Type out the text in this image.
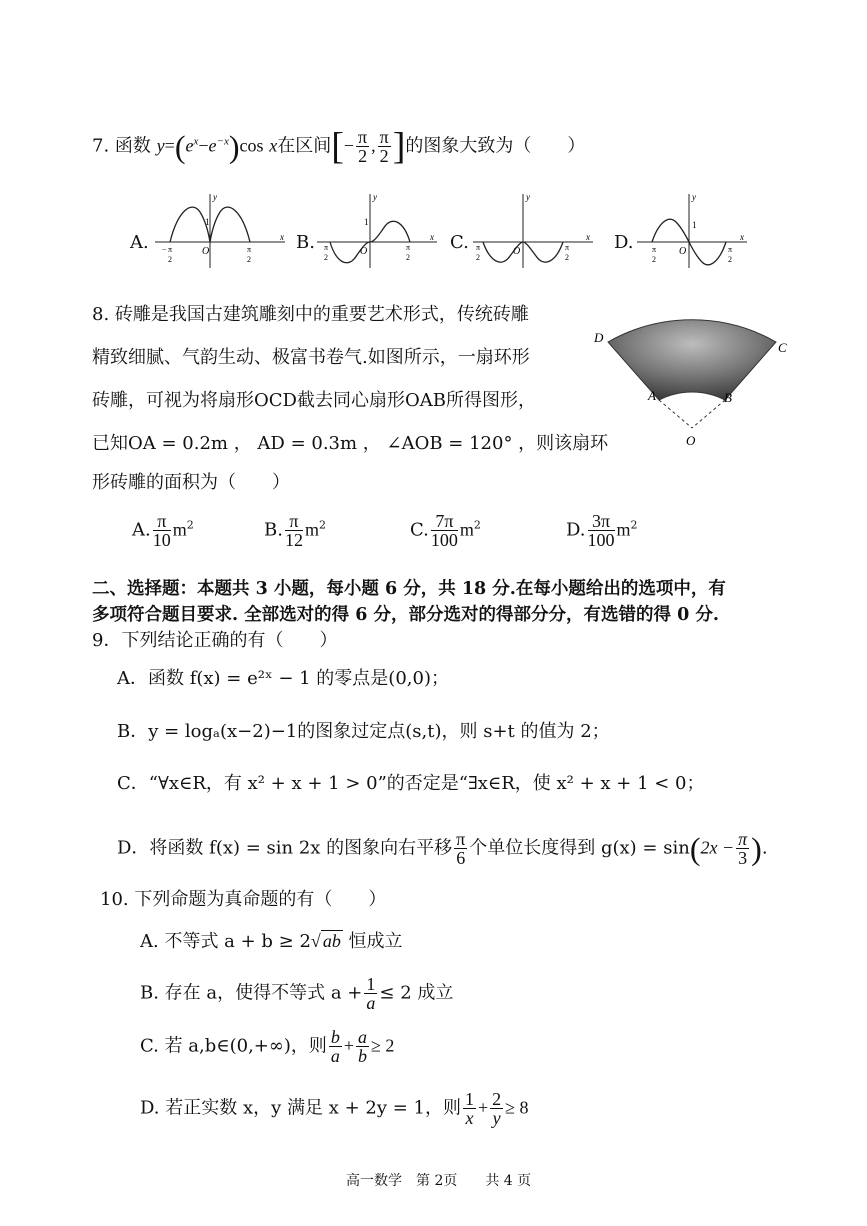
7. 函数 $y=(e^x-e^{-x})\cos$ x在区间[− $\frac{\pi}{2}$ , $\frac{\pi}{2}$ ]的图象大致为（　　）
A.	B.	C.	D.
y
x
O
1
− π
2
π
2
y
x
O
1
π
2
π
2
y
x
O
π
2
π
2
y
x
O
1
π
2
π
2
8. 砖雕是我国古建筑雕刻中的重要艺术形式，传统砖雕
精致细腻、气韵生动、极富书卷气.如图所示，一扇环形
砖雕，可视为将扇形OCD截去同心扇形OAB所得图形，
已知OA = 0.2m ， AD = 0.3m ， ∠AOB = 120° ，则该扇环
形砖雕的面积为（　　）
D
C
A	B
O
A. $\frac{\pi}{10} m^2$	B. $\frac{\pi}{12} m^2$	C. $\frac{7\pi}{100} m^2$	D. $\frac{3\pi}{100} m^2$
二、选择题：本题共 3 小题，每小题 6 分，共 18 分.在每小题给出的选项中，有
多项符合题目要求. 全部选对的得 6 分，部分选对的得部分分，有选错的得 0 分.
9．下列结论正确的有（　　）
A．函数 f(x) = e²ˣ − 1 的零点是(0,0)；
B．y = logₐ(x−2)−1的图象过定点(s,t)，则 s+t 的值为 2；
C．“∀x∈R，有 x² + x + 1 > 0”的否定是“∃x∈R，使 x² + x + 1 < 0；
D．将函数 f(x) = sin 2x 的图象向右平移 $\frac{\pi}{6}$ 个单位长度得到 $g(x) = \sin(2x - \frac{\pi}{3}$ ).
10. 下列命题为真命题的有（　　）
A. 不等式 a + b ≥ 2√ ab 恒成立
B. 存在 a，使得不等式 $a + \frac{1}{a} \le 2$ 成立
C. 若 a,b∈(0,+∞)，则 $\frac{b}{a} + \frac{a}{b} \ge 2$
D. 若正实数 x，y 满足 x + 2y = 1，则 $\frac{1}{x} + \frac{2}{y} \ge 8$
高一数学　第 2页　　共 4 页
